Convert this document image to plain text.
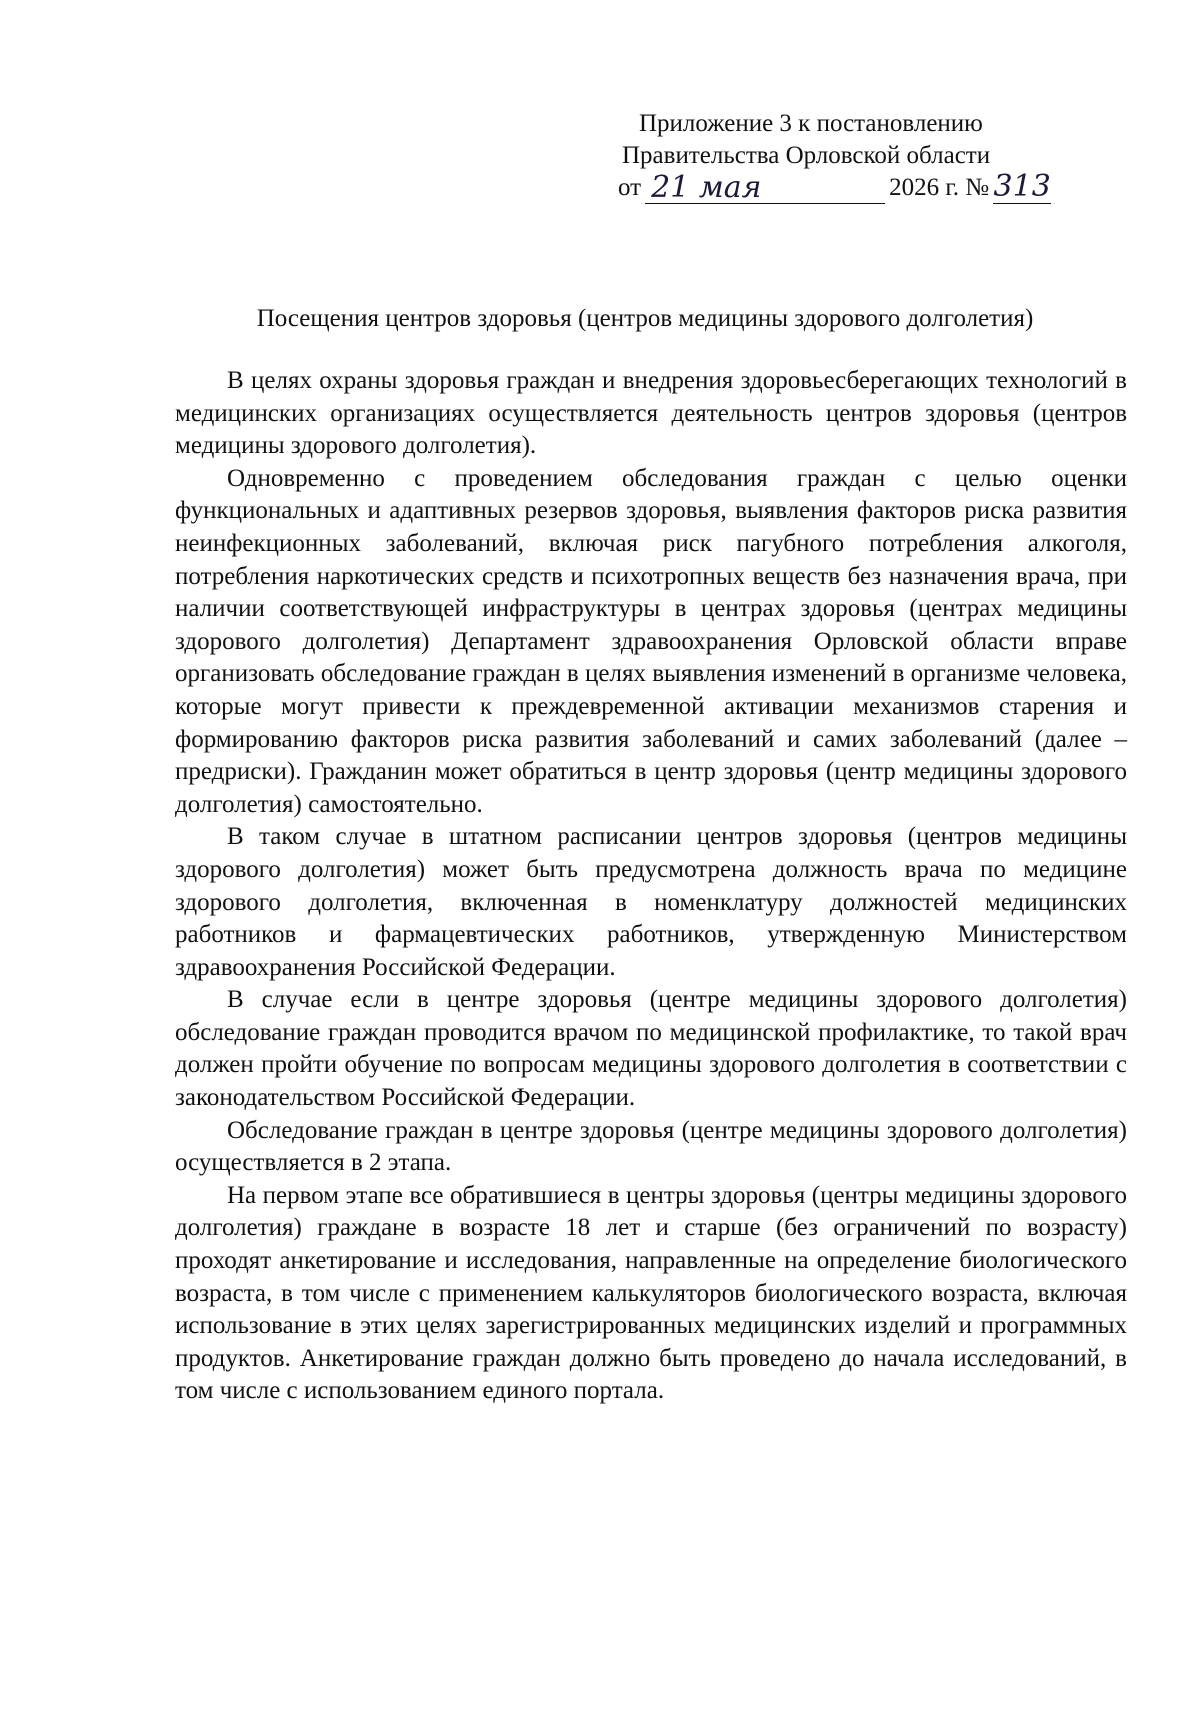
Приложение 3 к постановлению
Правительства Орловской области
от 21 мая	2026 г. № 313
Посещения центров здоровья (центров медицины здорового долголетия)

В целях охраны здоровья граждан и внедрения здоровьесберегающих технологий в медицинских организациях осуществляется деятельность центров здоровья (центров медицины здорового долголетия).

Одновременно с проведением обследования граждан с целью оценки функциональных и адаптивных резервов здоровья, выявления факторов риска развития неинфекционных заболеваний, включая риск пагубного потребления алкоголя, потребления наркотических средств и психотропных веществ без назначения врача, при наличии соответствующей инфраструктуры в центрах здоровья (центрах медицины здорового долголетия) Департамент здравоохранения Орловской области вправе организовать обследование граждан в целях выявления изменений в организме человека, которые могут привести к преждевременной активации механизмов старения и формированию факторов риска развития заболеваний и самих заболеваний (далее – предриски). Гражданин может обратиться в центр здоровья (центр медицины здорового долголетия) самостоятельно.

В таком случае в штатном расписании центров здоровья (центров медицины здорового долголетия) может быть предусмотрена должность врача по медицине здорового долголетия, включенная в номенклатуру должностей медицинских работников и фармацевтических работников, утвержденную Министерством здравоохранения Российской Федерации.

В случае если в центре здоровья (центре медицины здорового долголетия) обследование граждан проводится врачом по медицинской профилактике, то такой врач должен пройти обучение по вопросам медицины здорового долголетия в соответствии с законодательством Российской Федерации.

Обследование граждан в центре здоровья (центре медицины здорового долголетия) осуществляется в 2 этапа.

На первом этапе все обратившиеся в центры здоровья (центры медицины здорового долголетия) граждане в возрасте 18 лет и старше (без ограничений по возрасту) проходят анкетирование и исследования, направленные на определение биологического возраста, в том числе с применением калькуляторов биологического возраста, включая использование в этих целях зарегистрированных медицинских изделий и программных продуктов. Анкетирование граждан должно быть проведено до начала исследований, в том числе с использованием единого портала.
